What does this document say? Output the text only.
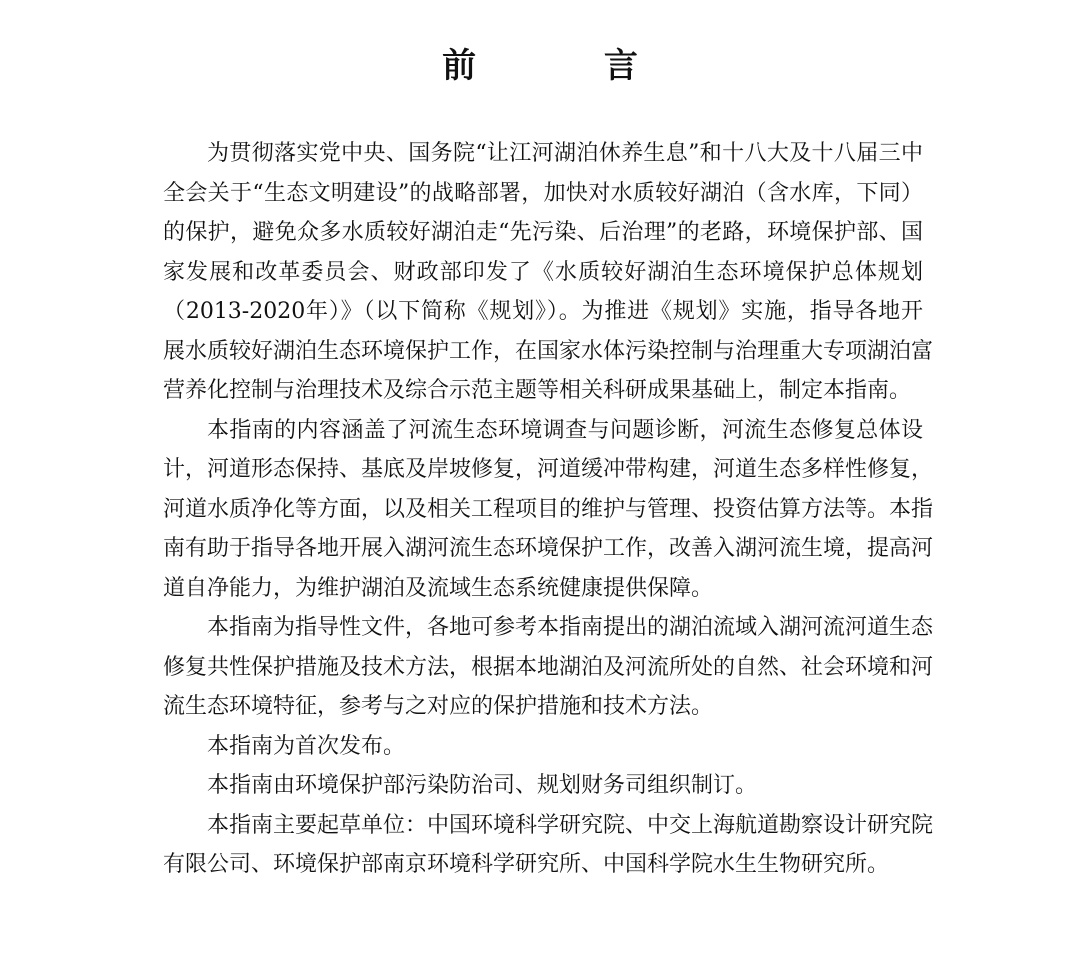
前 言
为贯彻落实党中央、国务院“让江河湖泊休养生息”和十八大及十八届三中
全会关于“生态文明建设”的战略部署，加快对水质较好湖泊（含水库，下同）
的保护，避免众多水质较好湖泊走“先污染、后治理”的老路，环境保护部、国
家发展和改革委员会、财政部印发了《水质较好湖泊生态环境保护总体规划
（2013-2020年）》（以下简称《规划》）。为推进《规划》实施，指导各地开
展水质较好湖泊生态环境保护工作，在国家水体污染控制与治理重大专项湖泊富
营养化控制与治理技术及综合示范主题等相关科研成果基础上，制定本指南。
本指南的内容涵盖了河流生态环境调查与问题诊断，河流生态修复总体设
计，河道形态保持、基底及岸坡修复，河道缓冲带构建，河道生态多样性修复，
河道水质净化等方面，以及相关工程项目的维护与管理、投资估算方法等。本指
南有助于指导各地开展入湖河流生态环境保护工作，改善入湖河流生境，提高河
道自净能力，为维护湖泊及流域生态系统健康提供保障。
本指南为指导性文件，各地可参考本指南提出的湖泊流域入湖河流河道生态
修复共性保护措施及技术方法，根据本地湖泊及河流所处的自然、社会环境和河
流生态环境特征，参考与之对应的保护措施和技术方法。
本指南为首次发布。
本指南由环境保护部污染防治司、规划财务司组织制订。
本指南主要起草单位：中国环境科学研究院、中交上海航道勘察设计研究院
有限公司、环境保护部南京环境科学研究所、中国科学院水生生物研究所。
